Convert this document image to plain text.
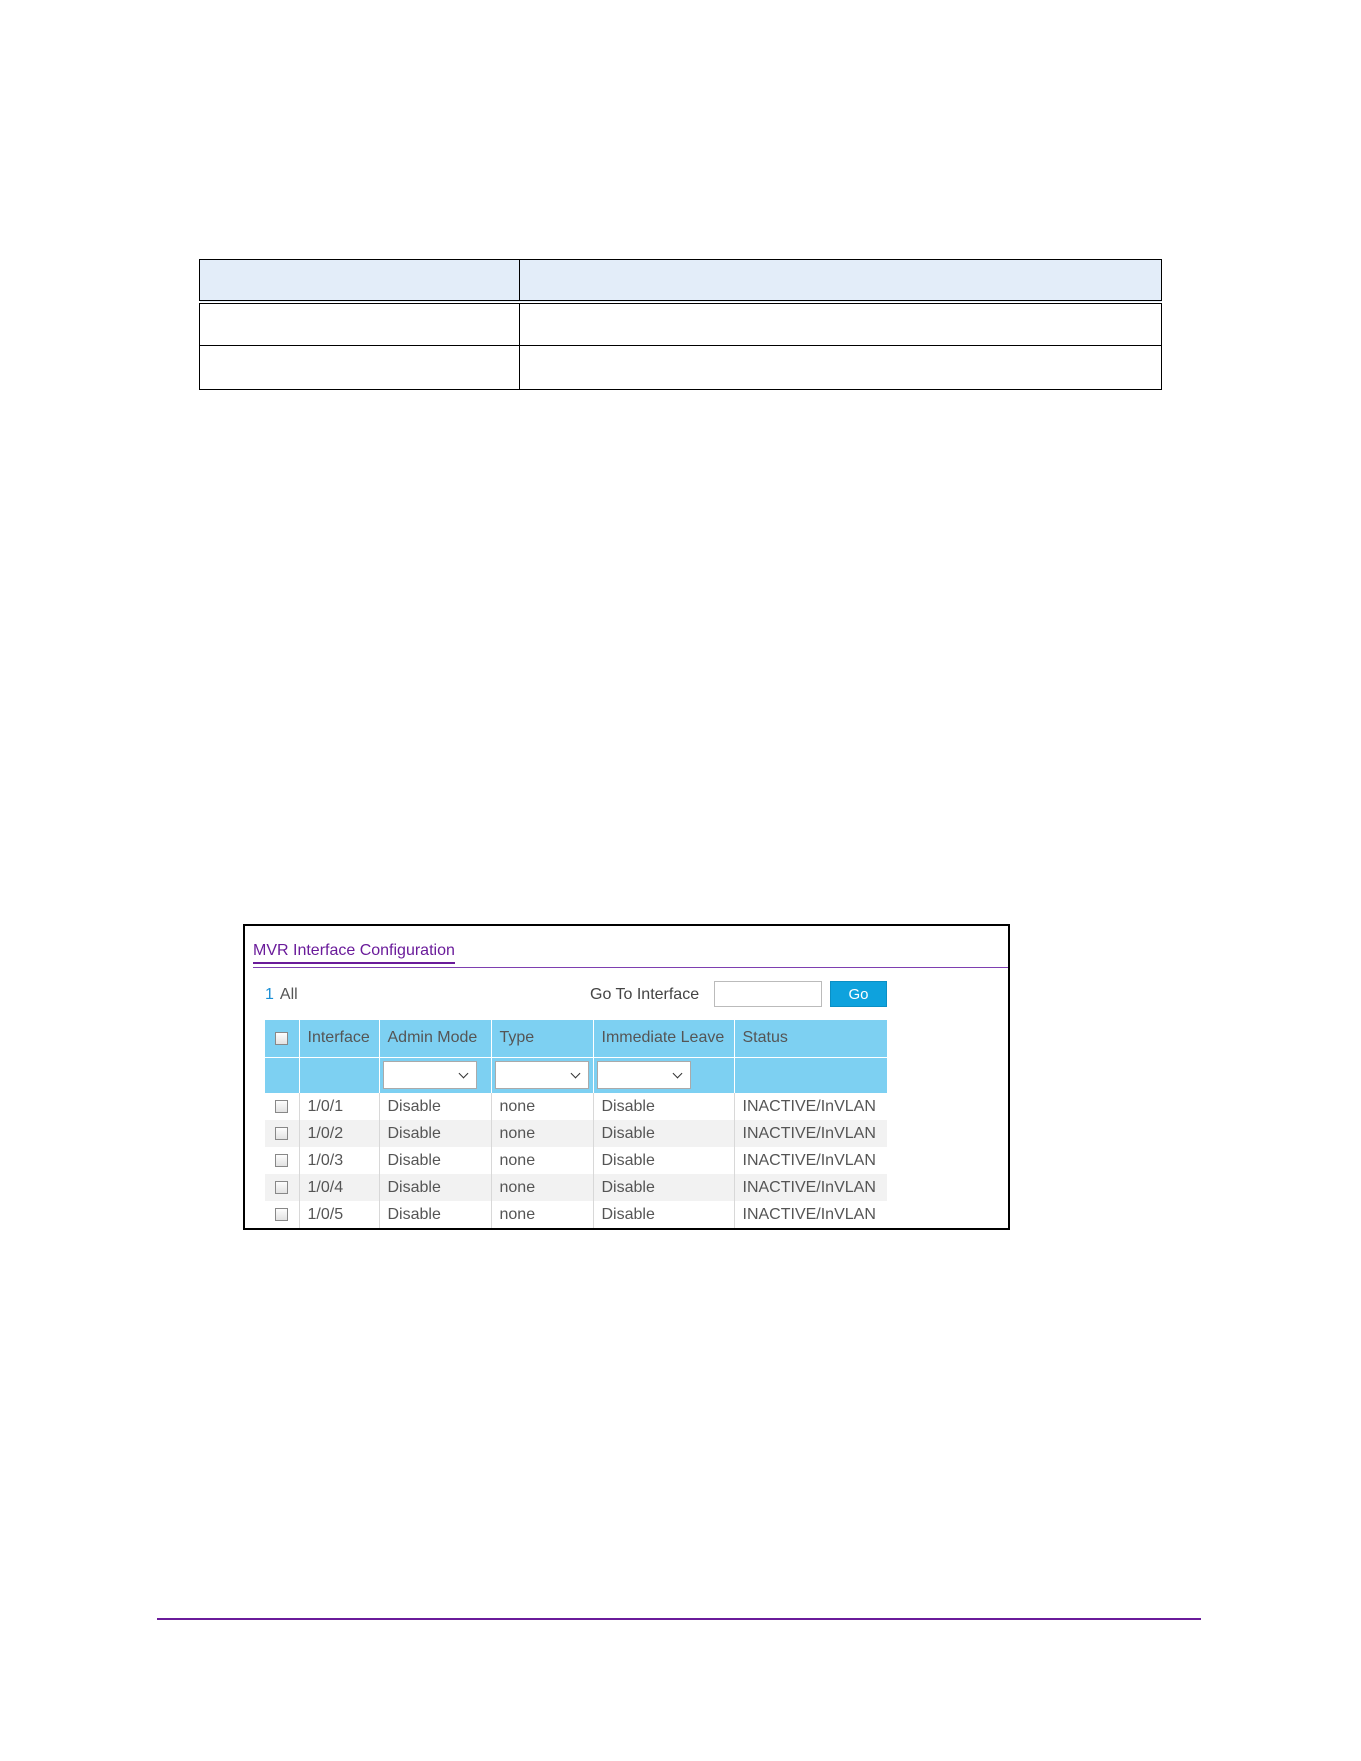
MVR Interface Configuration
1 All	Go To Interface	Go
	Interface	Admin Mode	Type	Immediate Leave	Status

	1/0/1	Disable	none	Disable	INACTIVE/InVLAN
	1/0/2	Disable	none	Disable	INACTIVE/InVLAN
	1/0/3	Disable	none	Disable	INACTIVE/InVLAN
	1/0/4	Disable	none	Disable	INACTIVE/InVLAN
	1/0/5	Disable	none	Disable	INACTIVE/InVLAN
